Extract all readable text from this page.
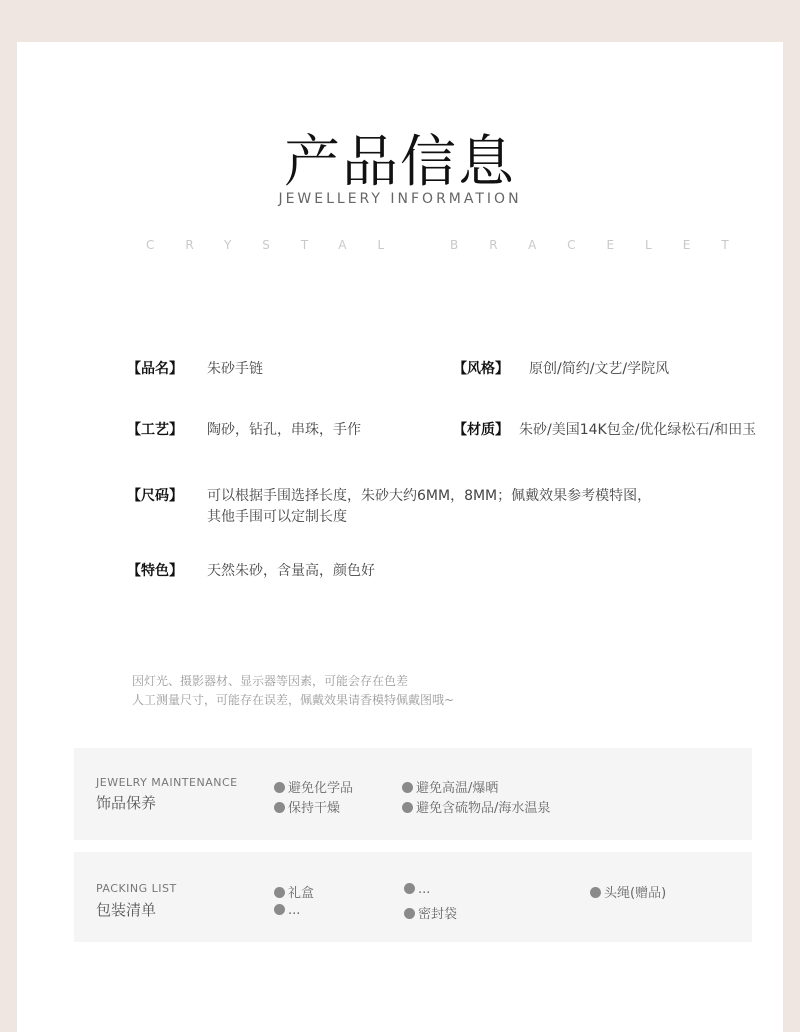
产品信息
JEWELLERY INFORMATION
CRYSTAL BRACELET
【品名】 朱砂手链	【风格】 原创/简约/文艺/学院风
【工艺】 陶砂，钻孔，串珠，手作	【材质】 朱砂/美国14K包金/优化绿松石/和田玉
【尺码】 可以根据手围选择长度，朱砂大约6MM，8MM；佩戴效果参考模特图，
其他手围可以定制长度
【特色】 天然朱砂，含量高，颜色好
因灯光、摄影器材、显示器等因素，可能会存在色差
人工测量尺寸，可能存在误差，佩戴效果请香模特佩戴图哦~
JEWELRY MAINTENANCE
饰品保养
避免化学品	避免高温/爆晒
保持干燥	避免含硫物品/海水温泉
PACKING LIST
包装清单
礼盒	...	头绳(赠品)
...	密封袋
